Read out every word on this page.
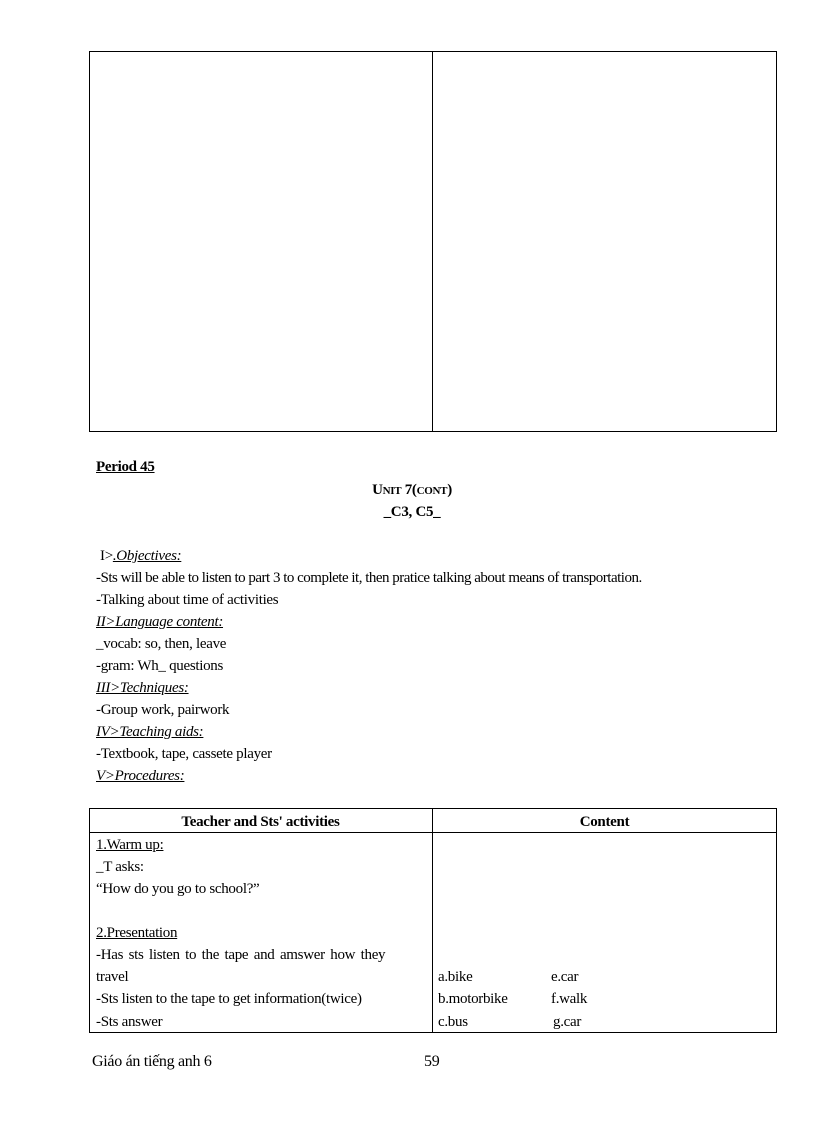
Period 45
Unit 7(cont)
_C3, C5_
I>.Objectives:
-Sts will be able to listen to part 3 to complete it, then pratice talking about means of transportation.
-Talking about time of activities
II>Language content:
_vocab: so, then, leave
-gram: Wh_ questions
III>Techniques:
-Group work, pairwork
IV>Teaching aids:
-Textbook, tape, cassete player
V>Procedures:
Teacher and Sts' activities	Content
1.Warm up:
_T asks:
“How do you go to school?”
2.Presentation
-Has sts listen to the tape and amswer how they
travel
-Sts listen to the tape to get information(twice)
-Sts answer
a.bike	e.car
b.motorbike	f.walk
c.bus	g.car
Giáo án tiếng anh 6	59
